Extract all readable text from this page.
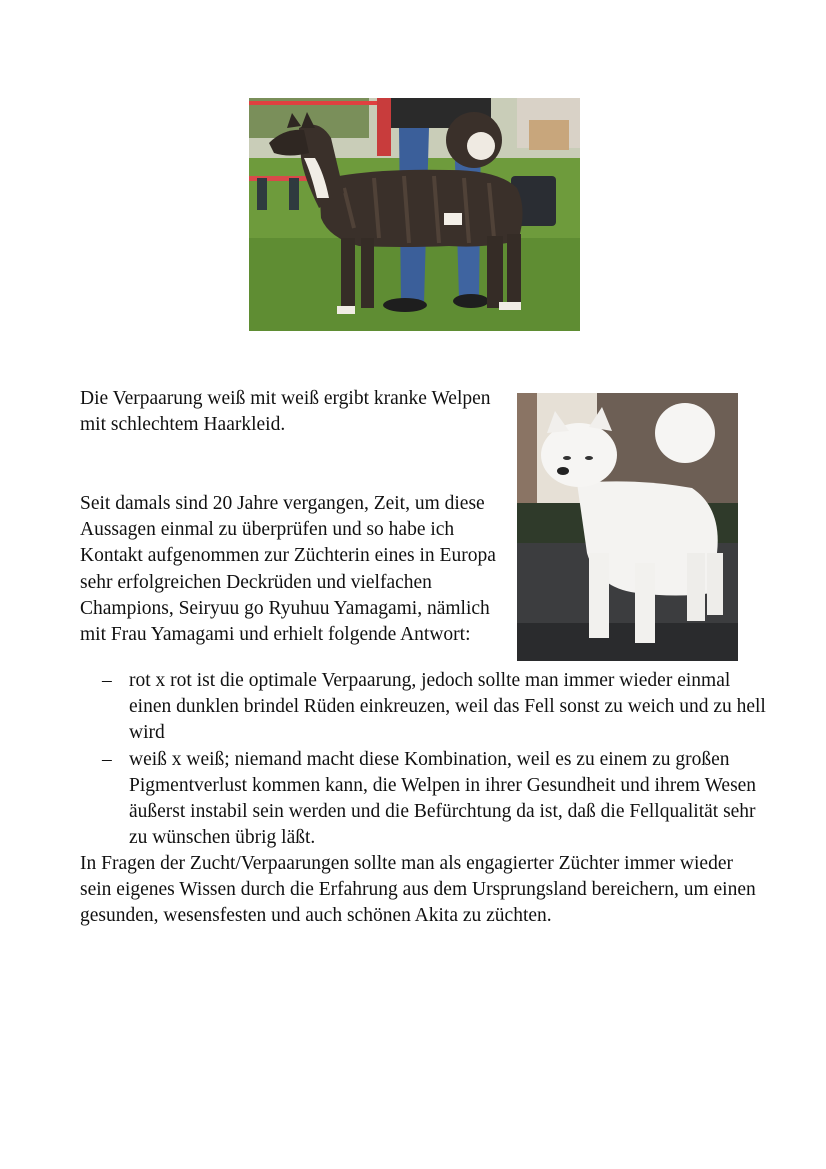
Die Verpaarung weiß mit weiß ergibt kranke Welpen mit schlechtem Haarkleid.

Seit damals sind 20 Jahre vergangen, Zeit, um diese Aussagen einmal zu überprüfen und so habe ich Kontakt aufgenommen zur Züchterin eines in Europa sehr erfolgreichen Deckrüden und vielfachen Champions, Seiryuu go Ryuhuu Yamagami, nämlich mit Frau Yamagami und erhielt folgende Antwort:

– rot x rot ist die optimale Verpaarung, jedoch sollte man immer wieder einmal einen dunklen brindel Rüden einkreuzen, weil das Fell sonst zu weich und zu hell wird
– weiß x weiß; niemand macht diese Kombination, weil es zu einem zu großen Pigmentverlust kommen kann, die Welpen in ihrer Gesundheit und ihrem Wesen äußerst instabil sein werden und die Befürchtung da ist, daß die Fellqualität sehr zu wünschen übrig läßt.

In Fragen der Zucht/Verpaarungen sollte man als engagierter Züchter immer wieder sein eigenes Wissen durch die Erfahrung aus dem Ursprungsland bereichern, um einen gesunden, wesensfesten und auch schönen Akita zu züchten.
